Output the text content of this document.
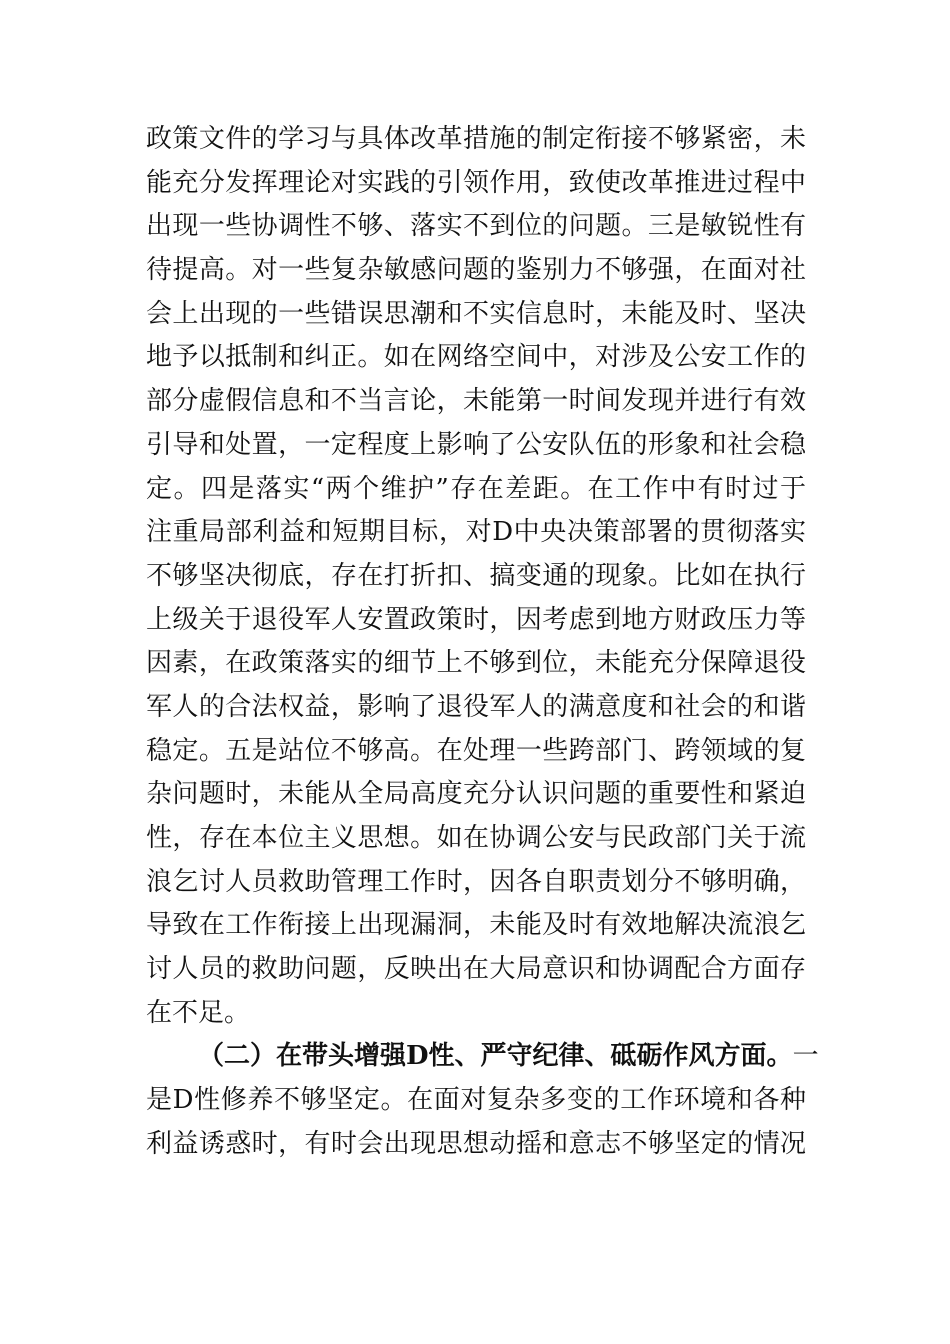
政策文件的学习与具体改革措施的制定衔接不够紧密，未
能充分发挥理论对实践的引领作用，致使改革推进过程中
出现一些协调性不够、落实不到位的问题。三是敏锐性有
待提高。对一些复杂敏感问题的鉴别力不够强，在面对社
会上出现的一些错误思潮和不实信息时，未能及时、坚决
地予以抵制和纠正。如在网络空间中，对涉及公安工作的
部分虚假信息和不当言论，未能第一时间发现并进行有效
引导和处置，一定程度上影响了公安队伍的形象和社会稳
定。四是落实“两个维护”存在差距。在工作中有时过于
注重局部利益和短期目标，对D中央决策部署的贯彻落实
不够坚决彻底，存在打折扣、搞变通的现象。比如在执行
上级关于退役军人安置政策时，因考虑到地方财政压力等
因素，在政策落实的细节上不够到位，未能充分保障退役
军人的合法权益，影响了退役军人的满意度和社会的和谐
稳定。五是站位不够高。在处理一些跨部门、跨领域的复
杂问题时，未能从全局高度充分认识问题的重要性和紧迫
性，存在本位主义思想。如在协调公安与民政部门关于流
浪乞讨人员救助管理工作时，因各自职责划分不够明确，
导致在工作衔接上出现漏洞，未能及时有效地解决流浪乞
讨人员的救助问题，反映出在大局意识和协调配合方面存
在不足。
（二）在带头增强D性、严守纪律、砥砺作风方面。一
是D性修养不够坚定。在面对复杂多变的工作环境和各种
利益诱惑时，有时会出现思想动摇和意志不够坚定的情况
